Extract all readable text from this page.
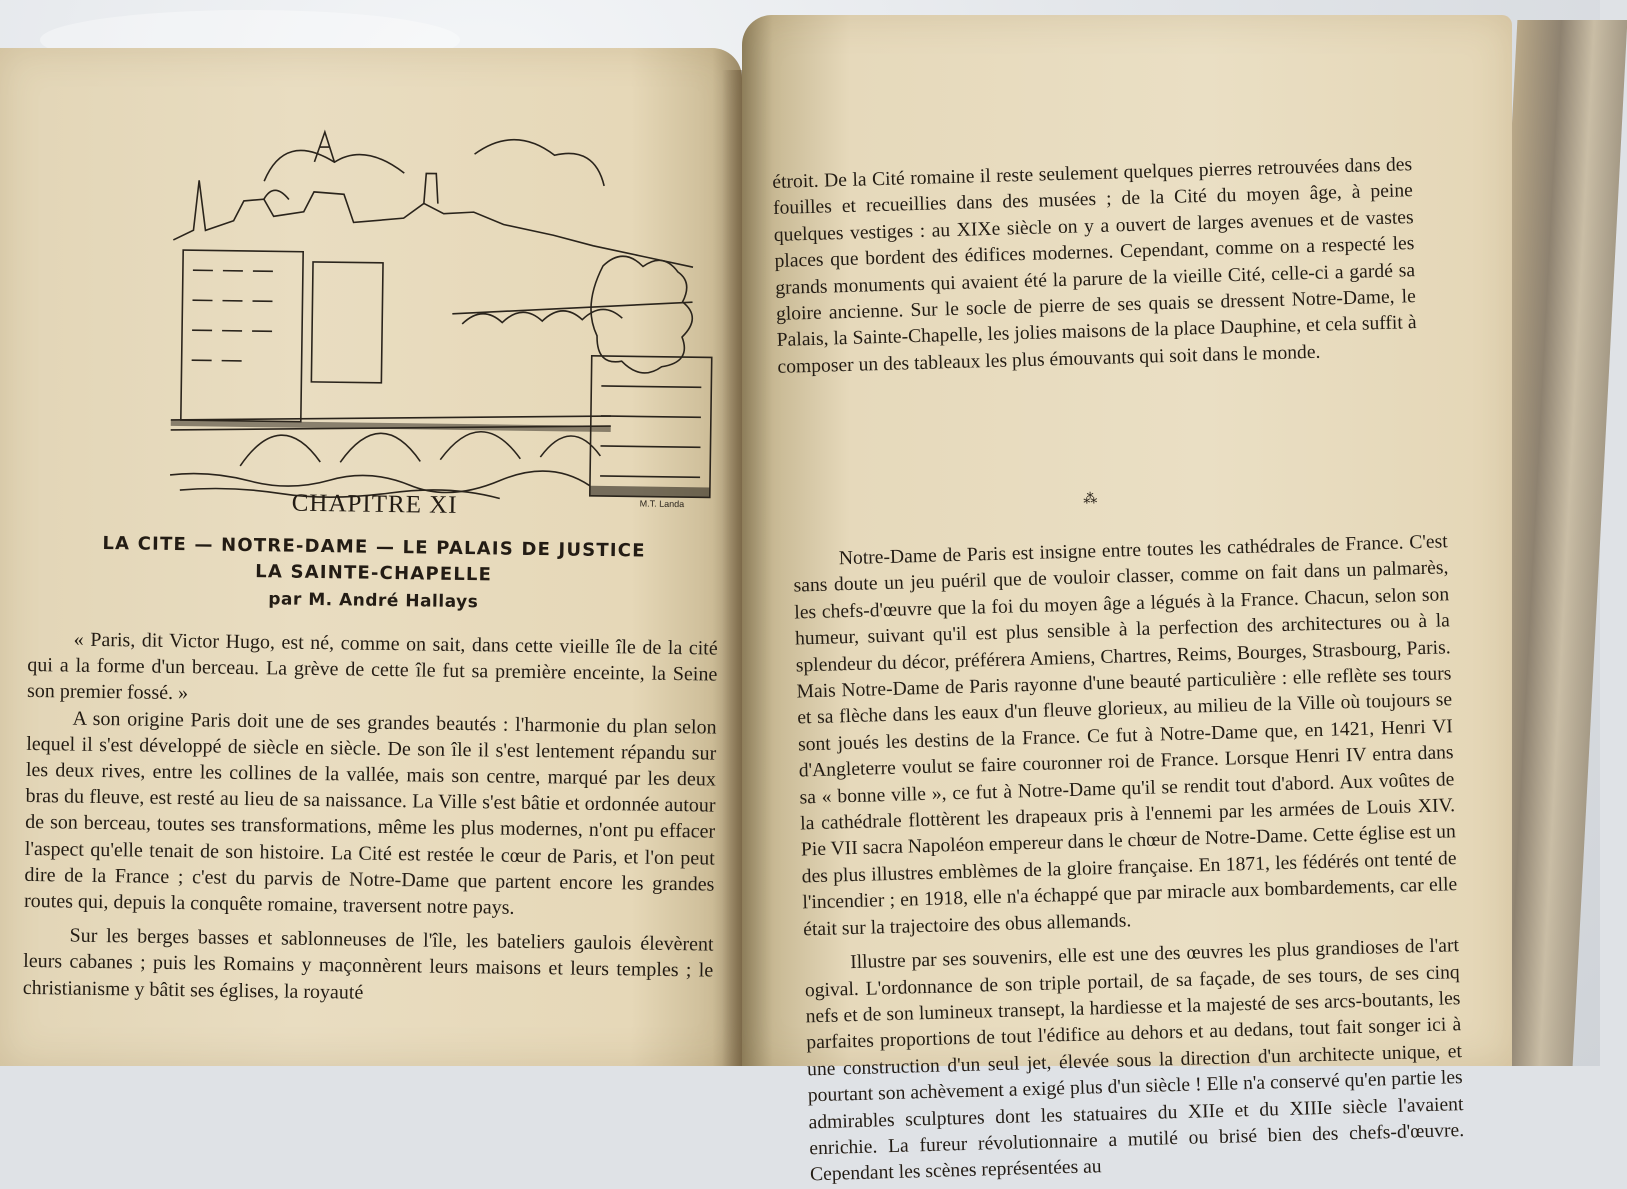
M.T. Landa
CHAPITRE XI
LA CITE — NOTRE-DAME — LE PALAIS DE JUSTICE
LA SAINTE-CHAPELLE
par M. André Hallays

« Paris, dit Victor Hugo, est né, comme on sait, dans cette vieille île de la cité qui a la forme d'un berceau. La grève de cette île fut sa première enceinte, la Seine son premier fossé. »

A son origine Paris doit une de ses grandes beautés : l'harmonie du plan selon lequel il s'est développé de siècle en siècle. De son île il s'est lentement répandu sur les deux rives, entre les collines de la vallée, mais son centre, marqué par les deux bras du fleuve, est resté au lieu de sa naissance. La Ville s'est bâtie et ordonnée autour de son berceau, toutes ses transformations, même les plus modernes, n'ont pu effacer l'aspect qu'elle tenait de son histoire. La Cité est restée le cœur de Paris, et l'on peut dire de la France ; c'est du parvis de Notre-Dame que partent encore les grandes routes qui, depuis la conquête romaine, traversent notre pays.

Sur les berges basses et sablonneuses de l'île, les bateliers gaulois élevèrent leurs cabanes ; puis les Romains y maçonnèrent leurs maisons et leurs temples ; le christianisme y bâtit ses églises, la royauté

étroit. De la Cité romaine il reste seulement quelques pierres retrouvées dans des fouilles et recueillies dans des musées ; de la Cité du moyen âge, à peine quelques vestiges : au XIXe siècle on y a ouvert de larges avenues et de vastes places que bordent des édifices modernes. Cependant, comme on a respecté les grands monuments qui avaient été la parure de la vieille Cité, celle-ci a gardé sa gloire ancienne. Sur le socle de pierre de ses quais se dressent Notre-Dame, le Palais, la Sainte-Chapelle, les jolies maisons de la place Dauphine, et cela suffit à composer un des tableaux les plus émouvants qui soit dans le monde.

⁂

Notre-Dame de Paris est insigne entre toutes les cathédrales de France. C'est sans doute un jeu puéril que de vouloir classer, comme on fait dans un palmarès, les chefs-d'œuvre que la foi du moyen âge a légués à la France. Chacun, selon son humeur, suivant qu'il est plus sensible à la perfection des architectures ou à la splendeur du décor, préférera Amiens, Chartres, Reims, Bourges, Strasbourg, Paris. Mais Notre-Dame de Paris rayonne d'une beauté particulière : elle reflète ses tours et sa flèche dans les eaux d'un fleuve glorieux, au milieu de la Ville où toujours se sont joués les destins de la France. Ce fut à Notre-Dame que, en 1421, Henri VI d'Angleterre voulut se faire couronner roi de France. Lorsque Henri IV entra dans sa « bonne ville », ce fut à Notre-Dame qu'il se rendit tout d'abord. Aux voûtes de la cathédrale flottèrent les drapeaux pris à l'ennemi par les armées de Louis XIV. Pie VII sacra Napoléon empereur dans le chœur de Notre-Dame. Cette église est un des plus illustres emblèmes de la gloire française. En 1871, les fédérés ont tenté de l'incendier ; en 1918, elle n'a échappé que par miracle aux bombardements, car elle était sur la trajectoire des obus allemands.

Illustre par ses souvenirs, elle est une des œuvres les plus grandioses de l'art ogival. L'ordonnance de son triple portail, de sa façade, de ses tours, de ses cinq nefs et de son lumineux transept, la hardiesse et la majesté de ses arcs-boutants, les parfaites proportions de tout l'édifice au dehors et au dedans, tout fait songer ici à une construction d'un seul jet, élevée sous la direction d'un architecte unique, et pourtant son achèvement a exigé plus d'un siècle ! Elle n'a conservé qu'en partie les admirables sculptures dont les statuaires du XIIe et du XIIIe siècle l'avaient enrichie. La fureur révolutionnaire a mutilé ou brisé bien des chefs-d'œuvre. Cependant les scènes représentées au
